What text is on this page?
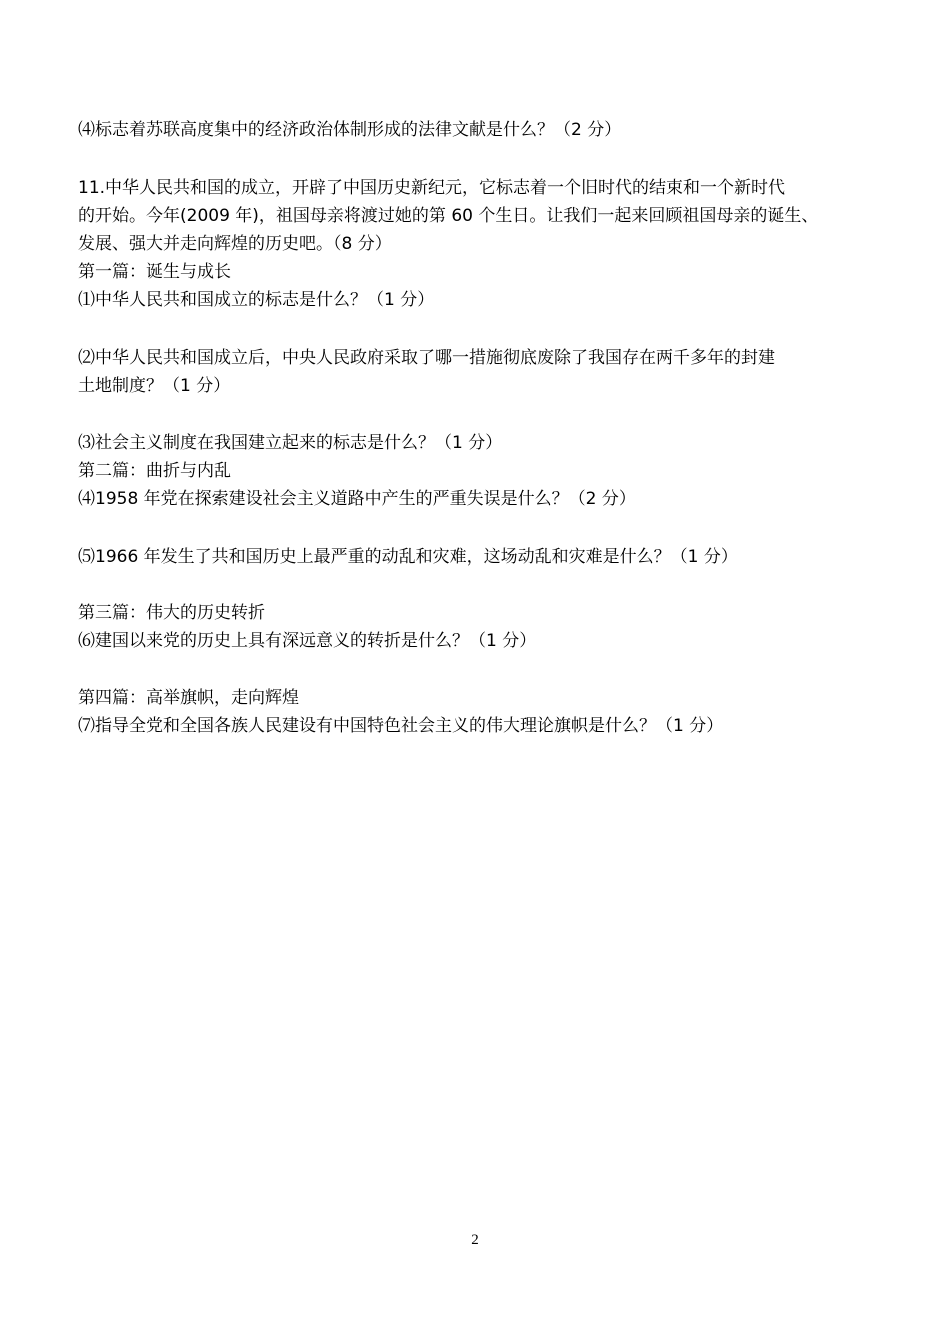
⑷标志着苏联高度集中的经济政治体制形成的法律文献是什么？（2 分）
11.中华人民共和国的成立，开辟了中国历史新纪元，它标志着一个旧时代的结束和一个新时代
的开始。今年(2009 年)，祖国母亲将渡过她的第 60 个生日。让我们一起来回顾祖国母亲的诞生、
发展、强大并走向辉煌的历史吧。（8 分）
第一篇：诞生与成长
⑴中华人民共和国成立的标志是什么？（1 分）
⑵中华人民共和国成立后，中央人民政府采取了哪一措施彻底废除了我国存在两千多年的封建
土地制度？（1 分）
⑶社会主义制度在我国建立起来的标志是什么？（1 分）
第二篇：曲折与内乱
⑷1958 年党在探索建设社会主义道路中产生的严重失误是什么？（2 分）
⑸1966 年发生了共和国历史上最严重的动乱和灾难，这场动乱和灾难是什么？（1 分）
第三篇：伟大的历史转折
⑹建国以来党的历史上具有深远意义的转折是什么？（1 分）
第四篇：高举旗帜，走向辉煌
⑺指导全党和全国各族人民建设有中国特色社会主义的伟大理论旗帜是什么？（1 分）
2
